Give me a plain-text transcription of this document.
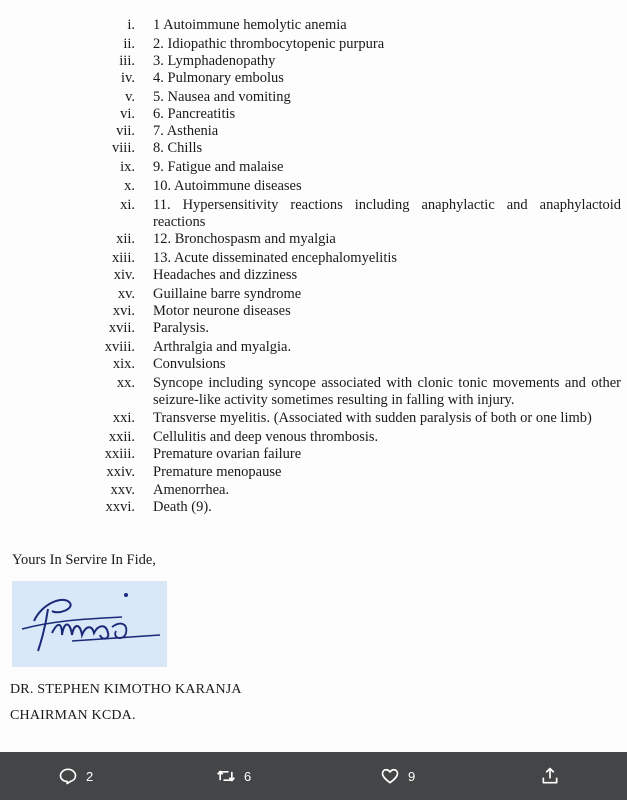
i. 1 Autoimmune hemolytic anemia
ii. 2. Idiopathic thrombocytopenic purpura
iii. 3. Lymphadenopathy
iv. 4. Pulmonary embolus
v. 5. Nausea and vomiting
vi. 6. Pancreatitis
vii. 7. Asthenia
viii. 8. Chills
ix. 9. Fatigue and malaise
x. 10. Autoimmune diseases
xi. 11. Hypersensitivity reactions including anaphylactic and anaphylactoid reactions
xii. 12. Bronchospasm and myalgia
xiii. 13. Acute disseminated encephalomyelitis
xiv. Headaches and dizziness
xv. Guillaine barre syndrome
xvi. Motor neurone diseases
xvii. Paralysis.
xviii. Arthralgia and myalgia.
xix. Convulsions
xx. Syncope including syncope associated with clonic tonic movements and other seizure-like activity sometimes resulting in falling with injury.
xxi. Transverse myelitis. (Associated with sudden paralysis of both or one limb)
xxii. Cellulitis and deep venous thrombosis.
xxiii. Premature ovarian failure
xxiv. Premature menopause
xxv. Amenorrhea.
xxvi. Death (9).
Yours In Servire In Fide,
DR. STEPHEN KIMOTHO KARANJA
CHAIRMAN KCDA.
2	6	9
